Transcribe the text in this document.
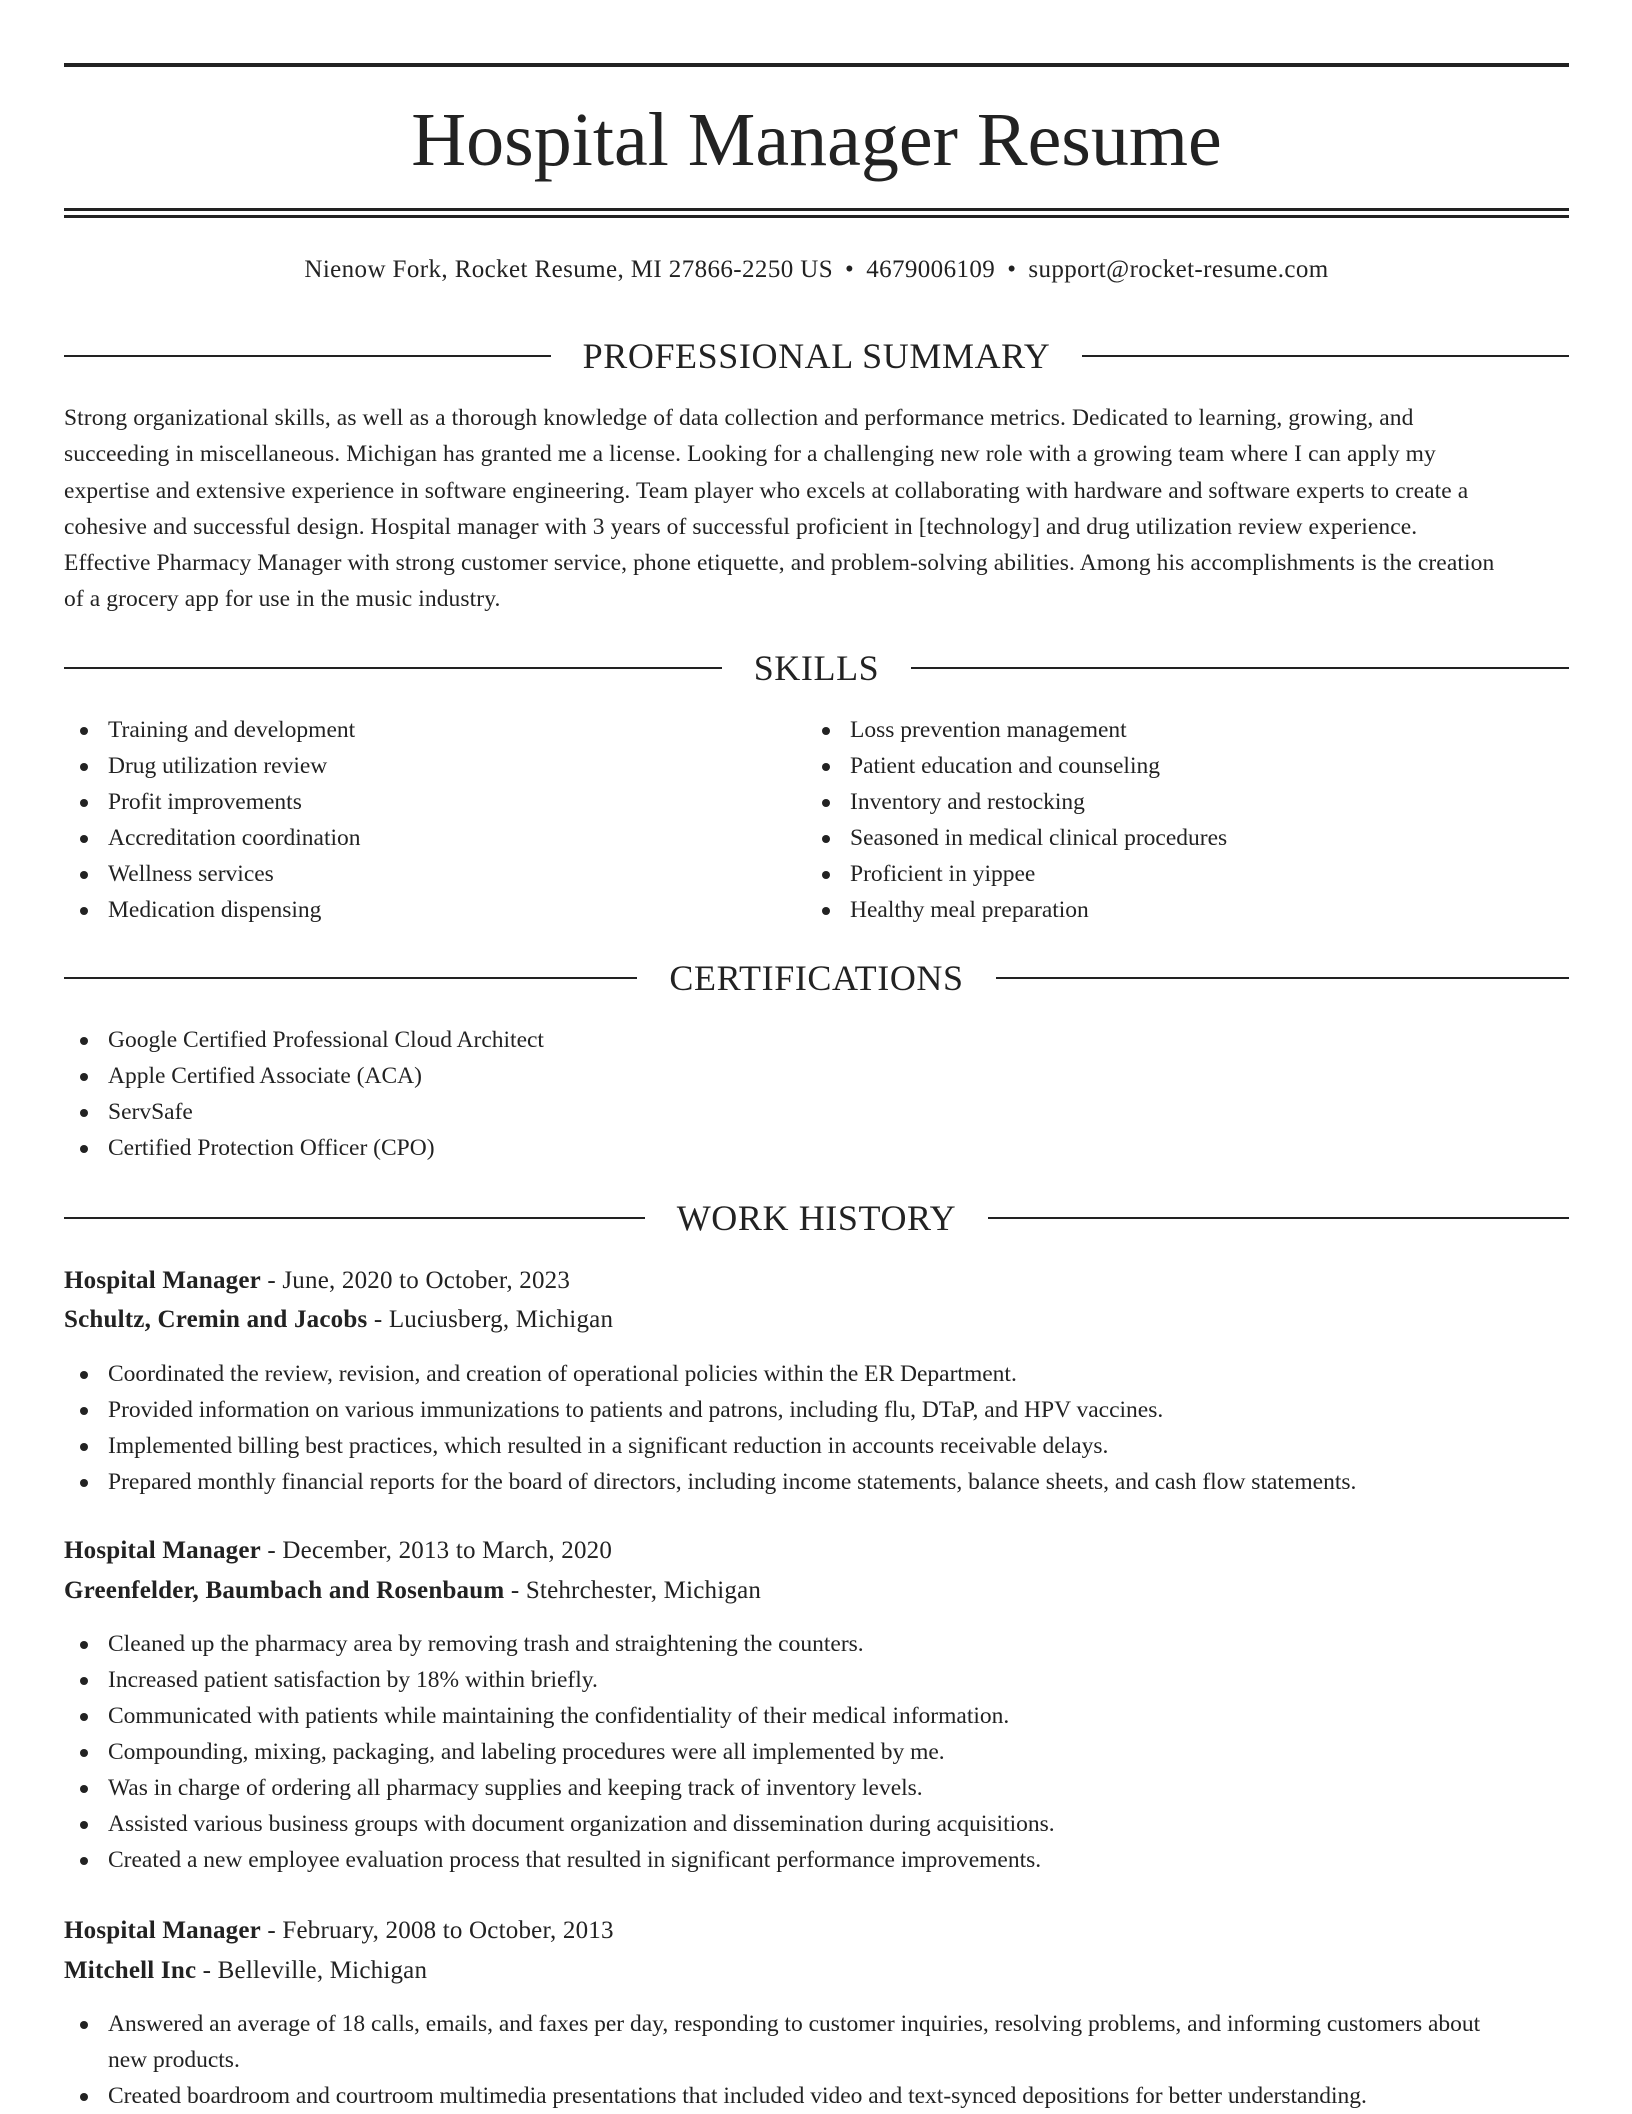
Hospital Manager Resume
Nienow Fork, Rocket Resume, MI 27866-2250 US • 4679006109 • support@rocket-resume.com
PROFESSIONAL SUMMARY
Strong organizational skills, as well as a thorough knowledge of data collection and performance metrics. Dedicated to learning, growing, and
succeeding in miscellaneous. Michigan has granted me a license. Looking for a challenging new role with a growing team where I can apply my
expertise and extensive experience in software engineering. Team player who excels at collaborating with hardware and software experts to create a
cohesive and successful design. Hospital manager with 3 years of successful proficient in [technology] and drug utilization review experience.
Effective Pharmacy Manager with strong customer service, phone etiquette, and problem-solving abilities. Among his accomplishments is the creation
of a grocery app for use in the music industry.
SKILLS
Training and development
Drug utilization review
Profit improvements
Accreditation coordination
Wellness services
Medication dispensing
Loss prevention management
Patient education and counseling
Inventory and restocking
Seasoned in medical clinical procedures
Proficient in yippee
Healthy meal preparation
CERTIFICATIONS
Google Certified Professional Cloud Architect
Apple Certified Associate (ACA)
ServSafe
Certified Protection Officer (CPO)
WORK HISTORY
Hospital Manager - June, 2020 to October, 2023
Schultz, Cremin and Jacobs - Luciusberg, Michigan
Coordinated the review, revision, and creation of operational policies within the ER Department.
Provided information on various immunizations to patients and patrons, including flu, DTaP, and HPV vaccines.
Implemented billing best practices, which resulted in a significant reduction in accounts receivable delays.
Prepared monthly financial reports for the board of directors, including income statements, balance sheets, and cash flow statements.
Hospital Manager - December, 2013 to March, 2020
Greenfelder, Baumbach and Rosenbaum - Stehrchester, Michigan
Cleaned up the pharmacy area by removing trash and straightening the counters.
Increased patient satisfaction by 18% within briefly.
Communicated with patients while maintaining the confidentiality of their medical information.
Compounding, mixing, packaging, and labeling procedures were all implemented by me.
Was in charge of ordering all pharmacy supplies and keeping track of inventory levels.
Assisted various business groups with document organization and dissemination during acquisitions.
Created a new employee evaluation process that resulted in significant performance improvements.
Hospital Manager - February, 2008 to October, 2013
Mitchell Inc - Belleville, Michigan
Answered an average of 18 calls, emails, and faxes per day, responding to customer inquiries, resolving problems, and informing customers about
new products.
Created boardroom and courtroom multimedia presentations that included video and text-synced depositions for better understanding.
